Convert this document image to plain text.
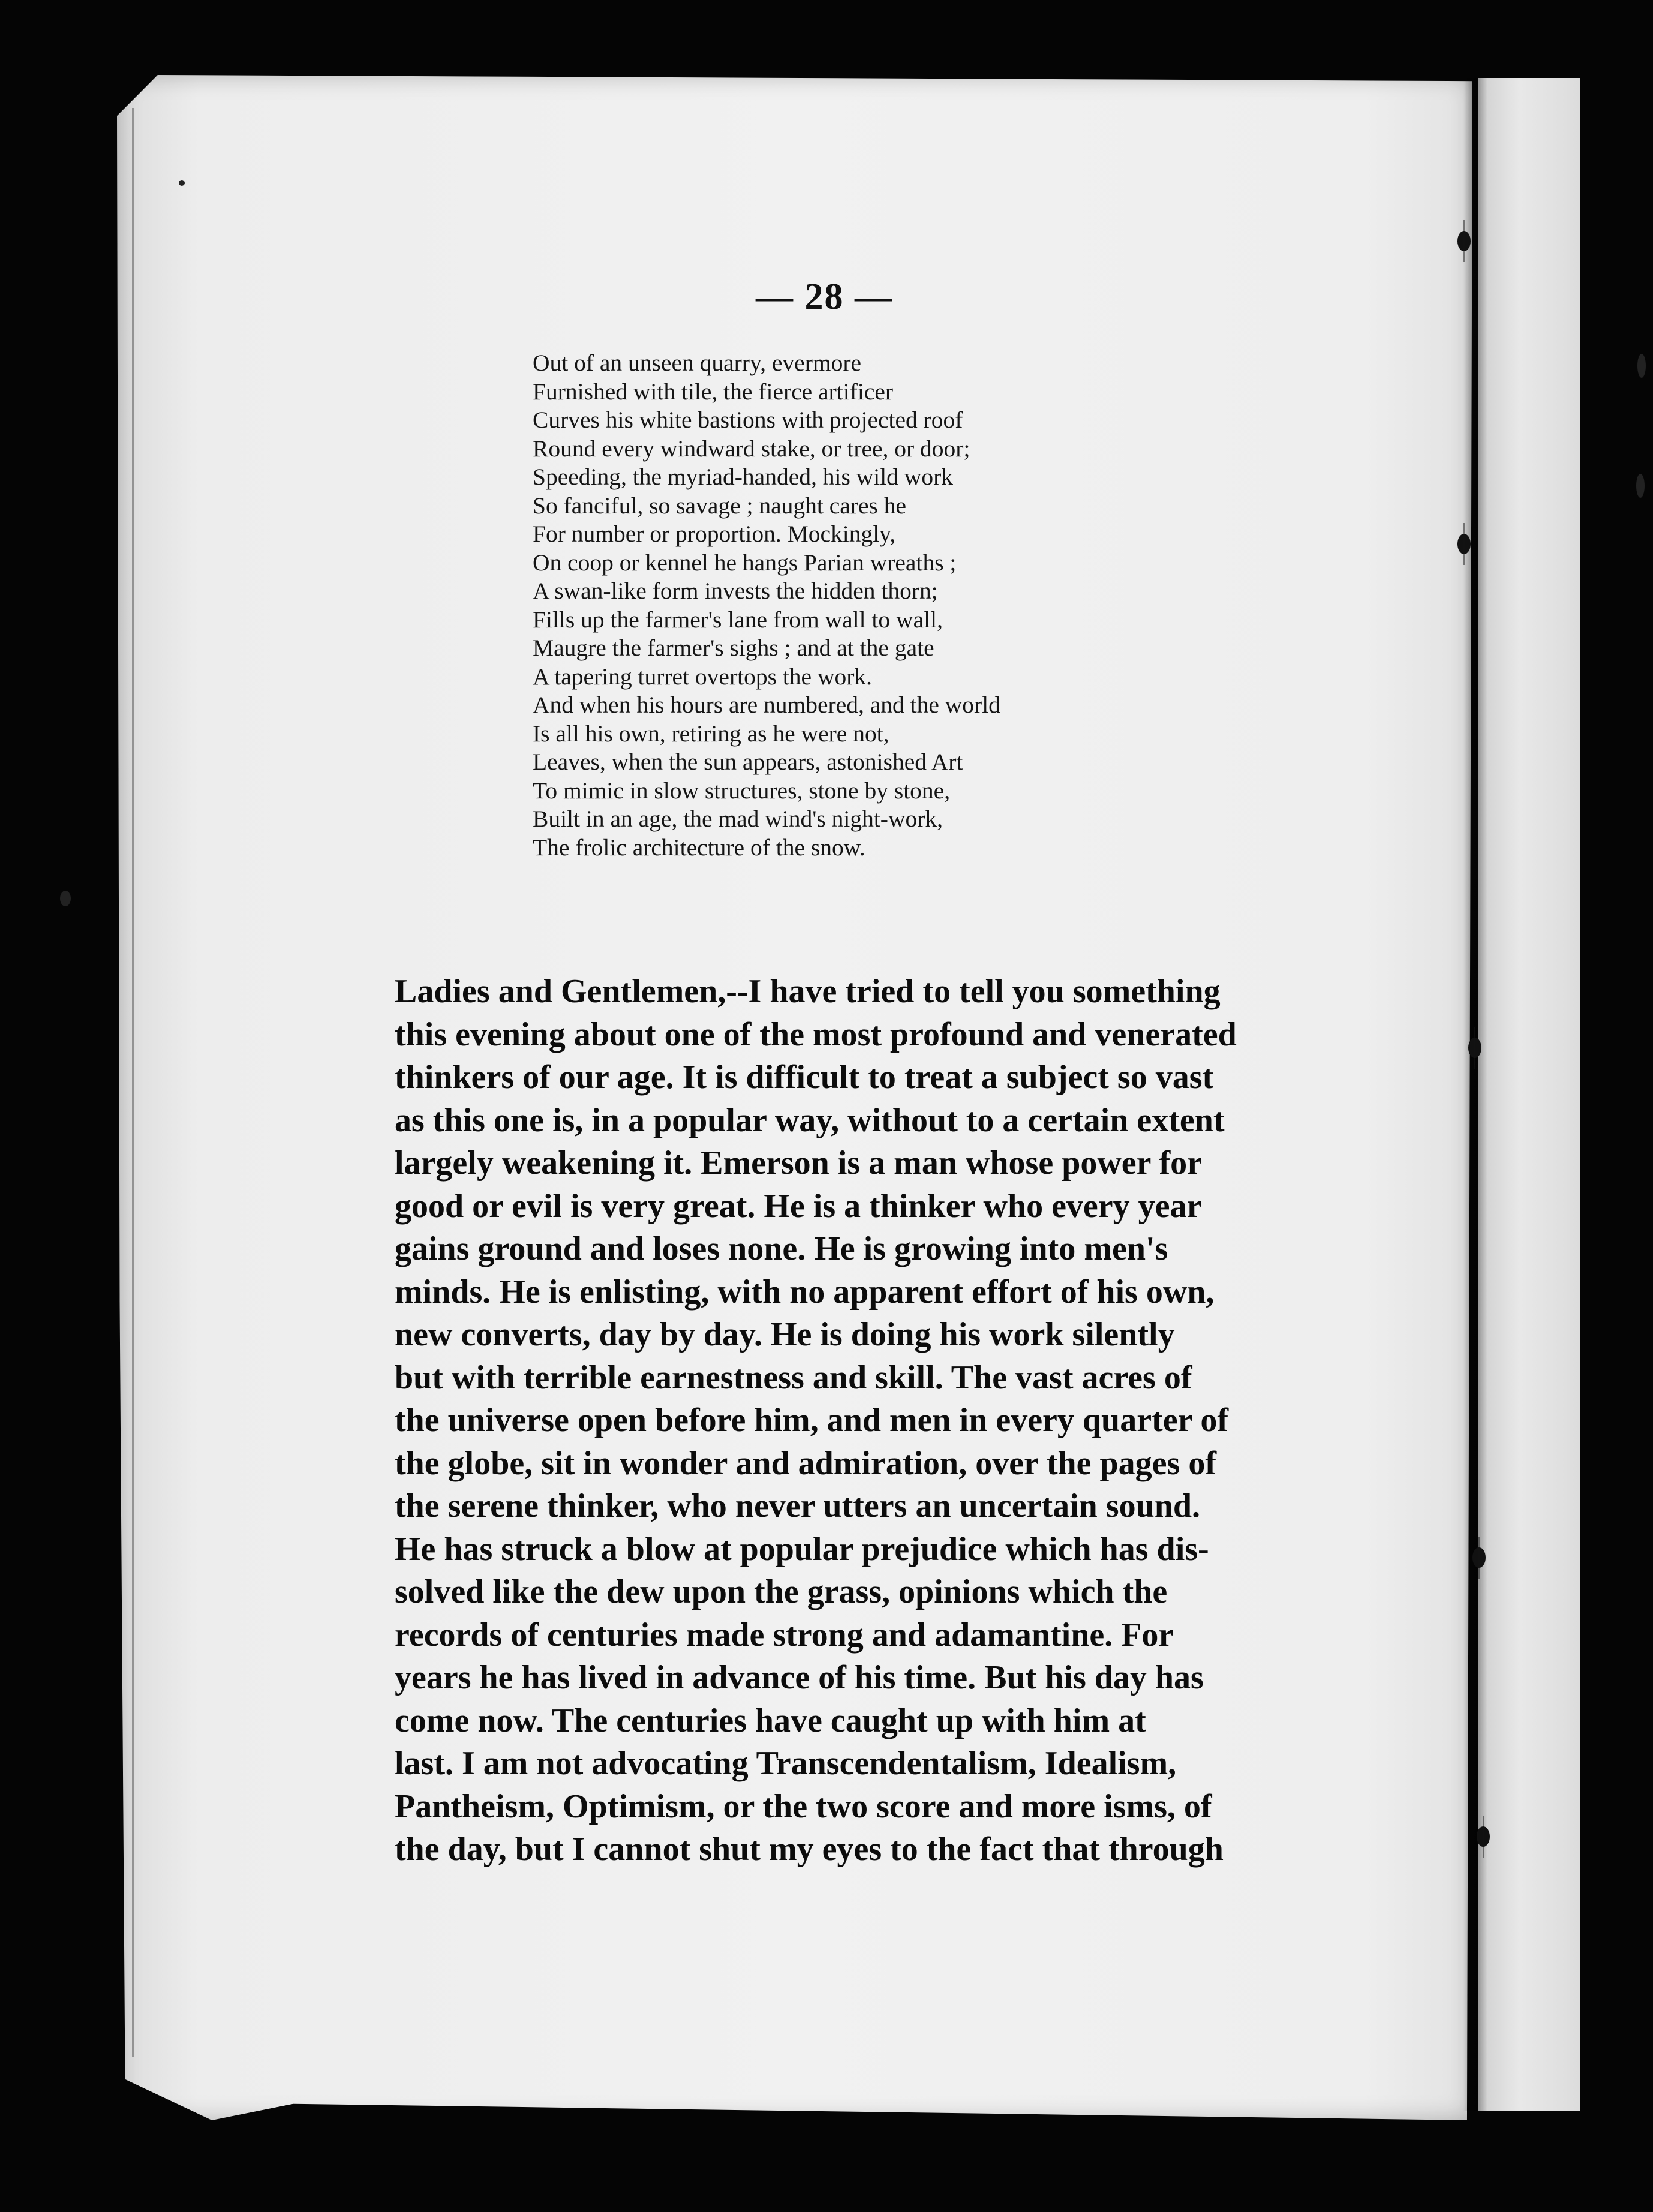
— 28 —
Out of an unseen quarry, evermore
Furnished with tile, the fierce artificer
Curves his white bastions with projected roof
Round every windward stake, or tree, or door;
Speeding, the myriad-handed, his wild work
So fanciful, so savage ; naught cares he
For number or proportion. Mockingly,
On coop or kennel he hangs Parian wreaths ;
A swan-like form invests the hidden thorn;
Fills up the farmer's lane from wall to wall,
Maugre the farmer's sighs ; and at the gate
A tapering turret overtops the work.
And when his hours are numbered, and the world
Is all his own, retiring as he were not,
Leaves, when the sun appears, astonished Art
To mimic in slow structures, stone by stone,
Built in an age, the mad wind's night-work,
The frolic architecture of the snow.
Ladies and Gentlemen,--I have tried to tell you something
this evening about one of the most profound and venerated
thinkers of our age. It is difficult to treat a subject so vast
as this one is, in a popular way, without to a certain extent
largely weakening it. Emerson is a man whose power for
good or evil is very great. He is a thinker who every year
gains ground and loses none. He is growing into men's
minds. He is enlisting, with no apparent effort of his own,
new converts, day by day. He is doing his work silently
but with terrible earnestness and skill. The vast acres of
the universe open before him, and men in every quarter of
the globe, sit in wonder and admiration, over the pages of
the serene thinker, who never utters an uncertain sound.
He has struck a blow at popular prejudice which has dis-
solved like the dew upon the grass, opinions which the
records of centuries made strong and adamantine. For
years he has lived in advance of his time. But his day has
come now. The centuries have caught up with him at
last. I am not advocating Transcendentalism, Idealism,
Pantheism, Optimism, or the two score and more isms, of
the day, but I cannot shut my eyes to the fact that through
